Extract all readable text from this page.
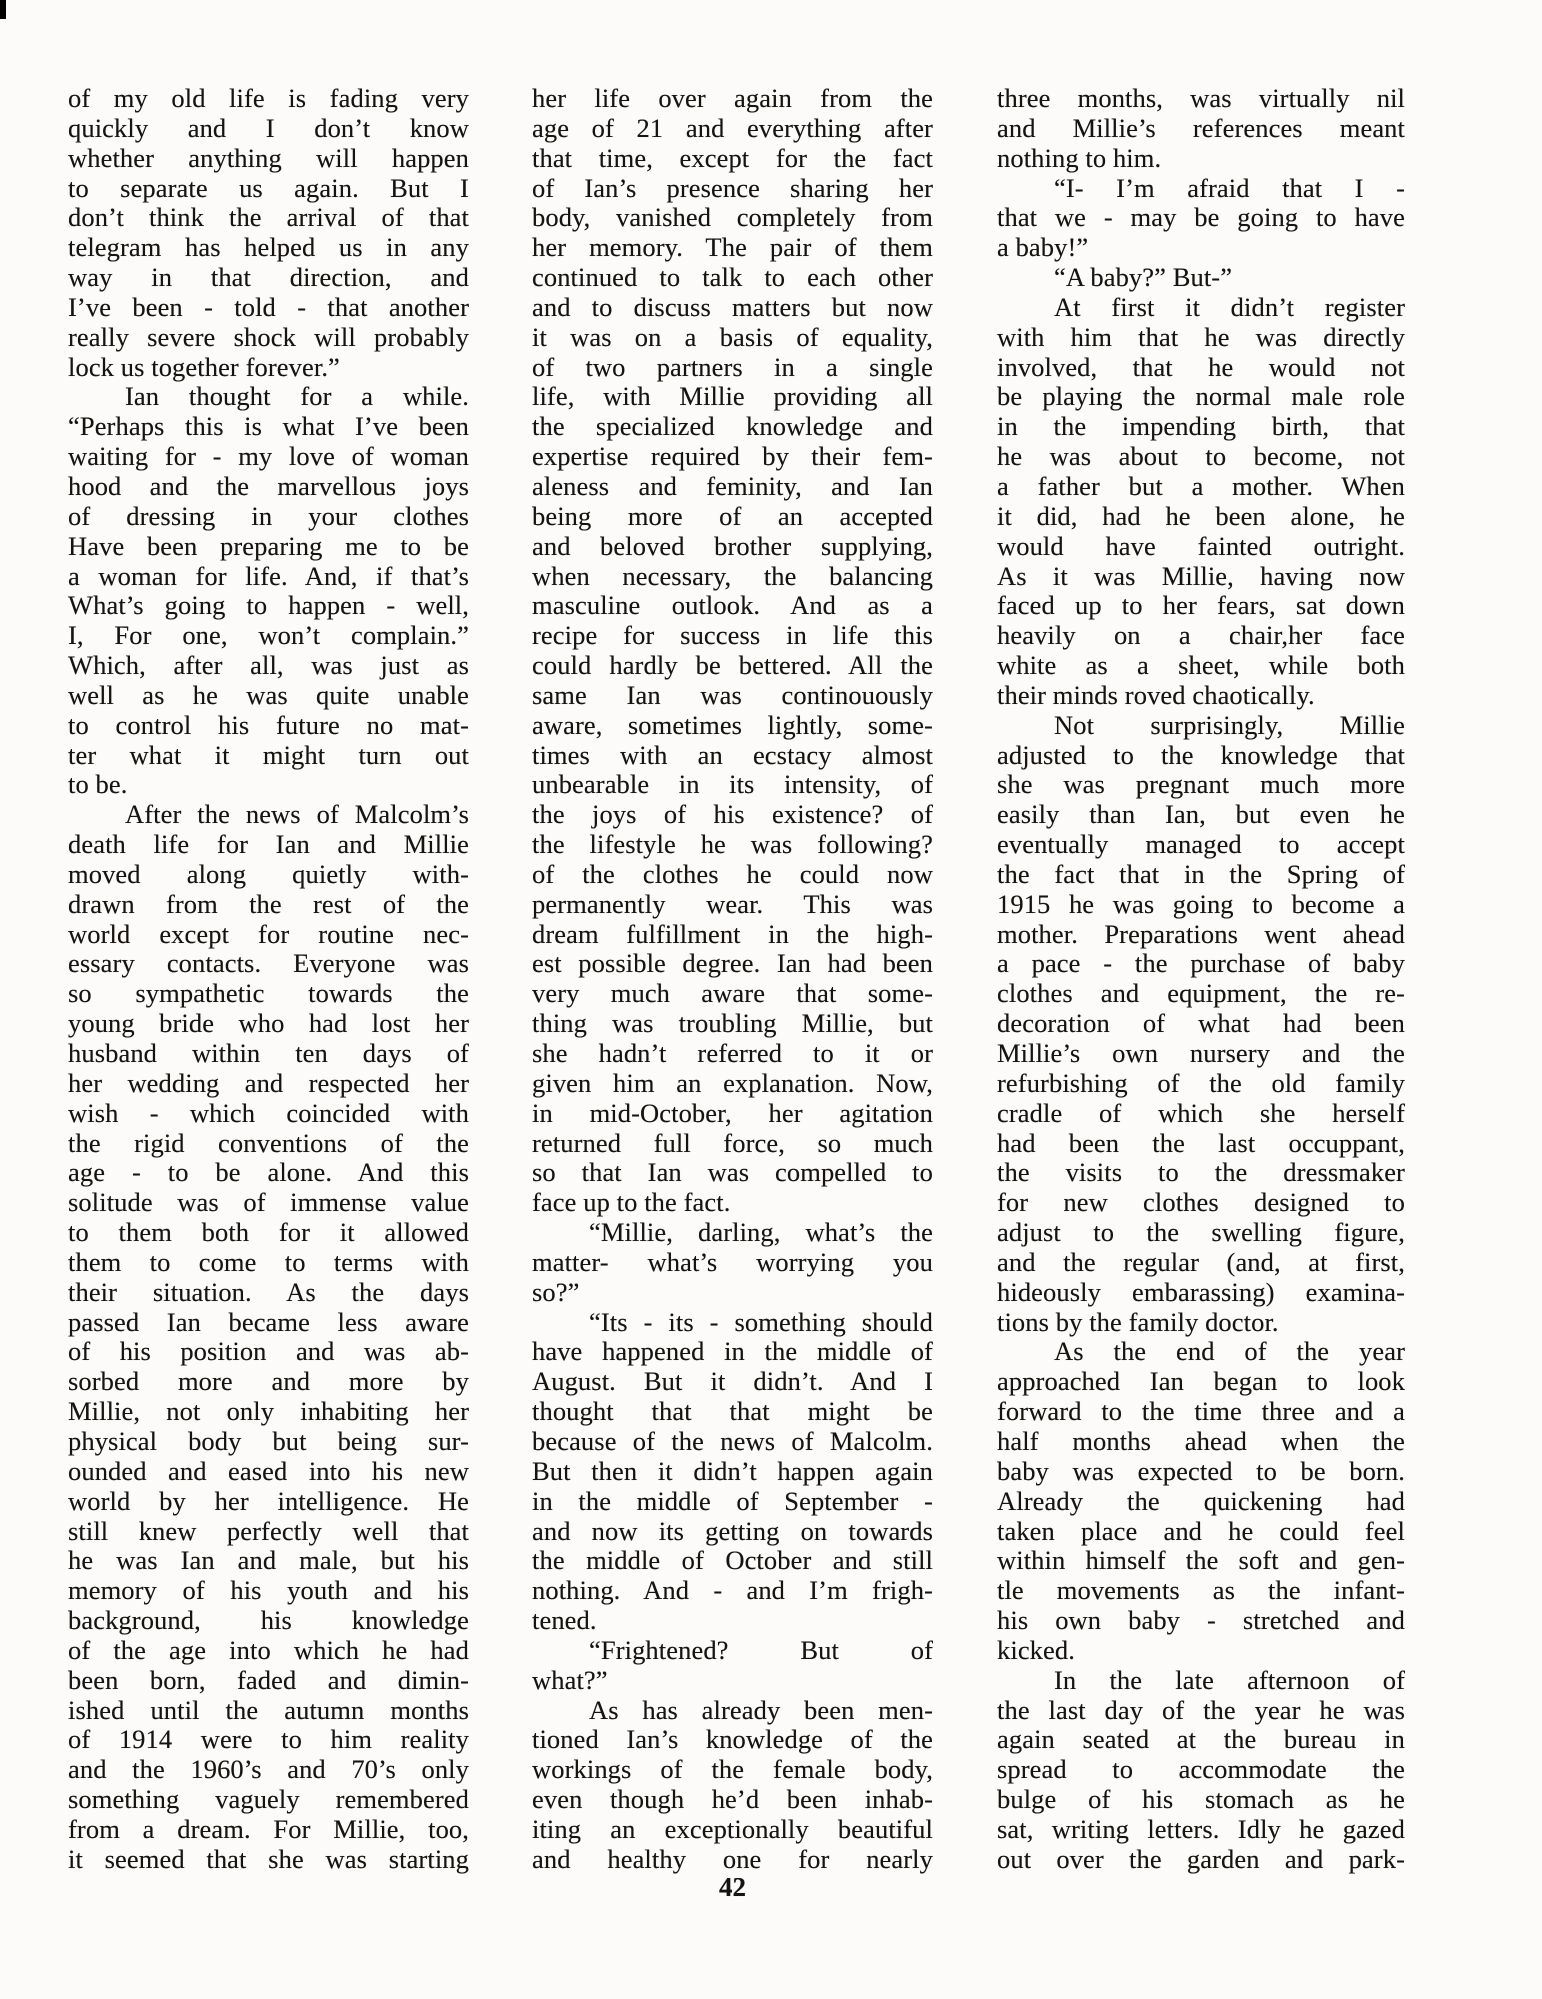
of my old life is fading very
quickly and I don’t know
whether anything will happen
to separate us again. But I
don’t think the arrival of that
telegram has helped us in any
way in that direction, and
I’ve been - told - that another
really severe shock will probably
lock us together forever.”
Ian thought for a while.
“Perhaps this is what I’ve been
waiting for - my love of woman
hood and the marvellous joys
of dressing in your clothes
Have been preparing me to be
a woman for life. And, if that’s
What’s going to happen - well,
I, For one, won’t complain.”
Which, after all, was just as
well as he was quite unable
to control his future no mat-
ter what it might turn out
to be.
After the news of Malcolm’s
death life for Ian and Millie
moved along quietly with-
drawn from the rest of the
world except for routine nec-
essary contacts. Everyone was
so sympathetic towards the
young bride who had lost her
husband within ten days of
her wedding and respected her
wish - which coincided with
the rigid conventions of the
age - to be alone. And this
solitude was of immense value
to them both for it allowed
them to come to terms with
their situation. As the days
passed Ian became less aware
of his position and was ab-
sorbed more and more by
Millie, not only inhabiting her
physical body but being sur-
ounded and eased into his new
world by her intelligence. He
still knew perfectly well that
he was Ian and male, but his
memory of his youth and his
background, his knowledge
of the age into which he had
been born, faded and dimin-
ished until the autumn months
of 1914 were to him reality
and the 1960’s and 70’s only
something vaguely remembered
from a dream. For Millie, too,
it seemed that she was starting
her life over again from the
age of 21 and everything after
that time, except for the fact
of Ian’s presence sharing her
body, vanished completely from
her memory. The pair of them
continued to talk to each other
and to discuss matters but now
it was on a basis of equality,
of two partners in a single
life, with Millie providing all
the specialized knowledge and
expertise required by their fem-
aleness and feminity, and Ian
being more of an accepted
and beloved brother supplying,
when necessary, the balancing
masculine outlook. And as a
recipe for success in life this
could hardly be bettered. All the
same Ian was continouously
aware, sometimes lightly, some-
times with an ecstacy almost
unbearable in its intensity, of
the joys of his existence? of
the lifestyle he was following?
of the clothes he could now
permanently wear. This was
dream fulfillment in the high-
est possible degree. Ian had been
very much aware that some-
thing was troubling Millie, but
she hadn’t referred to it or
given him an explanation. Now,
in mid-October, her agitation
returned full force, so much
so that Ian was compelled to
face up to the fact.
“Millie, darling, what’s the
matter- what’s worrying you
so?”
“Its - its - something should
have happened in the middle of
August. But it didn’t. And I
thought that that might be
because of the news of Malcolm.
But then it didn’t happen again
in the middle of September -
and now its getting on towards
the middle of October and still
nothing. And - and I’m frigh-
tened.
“Frightened? But of
what?”
As has already been men-
tioned Ian’s knowledge of the
workings of the female body,
even though he’d been inhab-
iting an exceptionally beautiful
and healthy one for nearly
three months, was virtually nil
and Millie’s references meant
nothing to him.
“I- I’m afraid that I -
that we - may be going to have
a baby!”
“A baby?” But-”
At first it didn’t register
with him that he was directly
involved, that he would not
be playing the normal male role
in the impending birth, that
he was about to become, not
a father but a mother. When
it did, had he been alone, he
would have fainted outright.
As it was Millie, having now
faced up to her fears, sat down
heavily on a chair,her face
white as a sheet, while both
their minds roved chaotically.
Not surprisingly, Millie
adjusted to the knowledge that
she was pregnant much more
easily than Ian, but even he
eventually managed to accept
the fact that in the Spring of
1915 he was going to become a
mother. Preparations went ahead
a pace - the purchase of baby
clothes and equipment, the re-
decoration of what had been
Millie’s own nursery and the
refurbishing of the old family
cradle of which she herself
had been the last occuppant,
the visits to the dressmaker
for new clothes designed to
adjust to the swelling figure,
and the regular (and, at first,
hideously embarassing) examina-
tions by the family doctor.
As the end of the year
approached Ian began to look
forward to the time three and a
half months ahead when the
baby was expected to be born.
Already the quickening had
taken place and he could feel
within himself the soft and gen-
tle movements as the infant-
his own baby - stretched and
kicked.
In the late afternoon of
the last day of the year he was
again seated at the bureau in
spread to accommodate the
bulge of his stomach as he
sat, writing letters. Idly he gazed
out over the garden and park-
42
